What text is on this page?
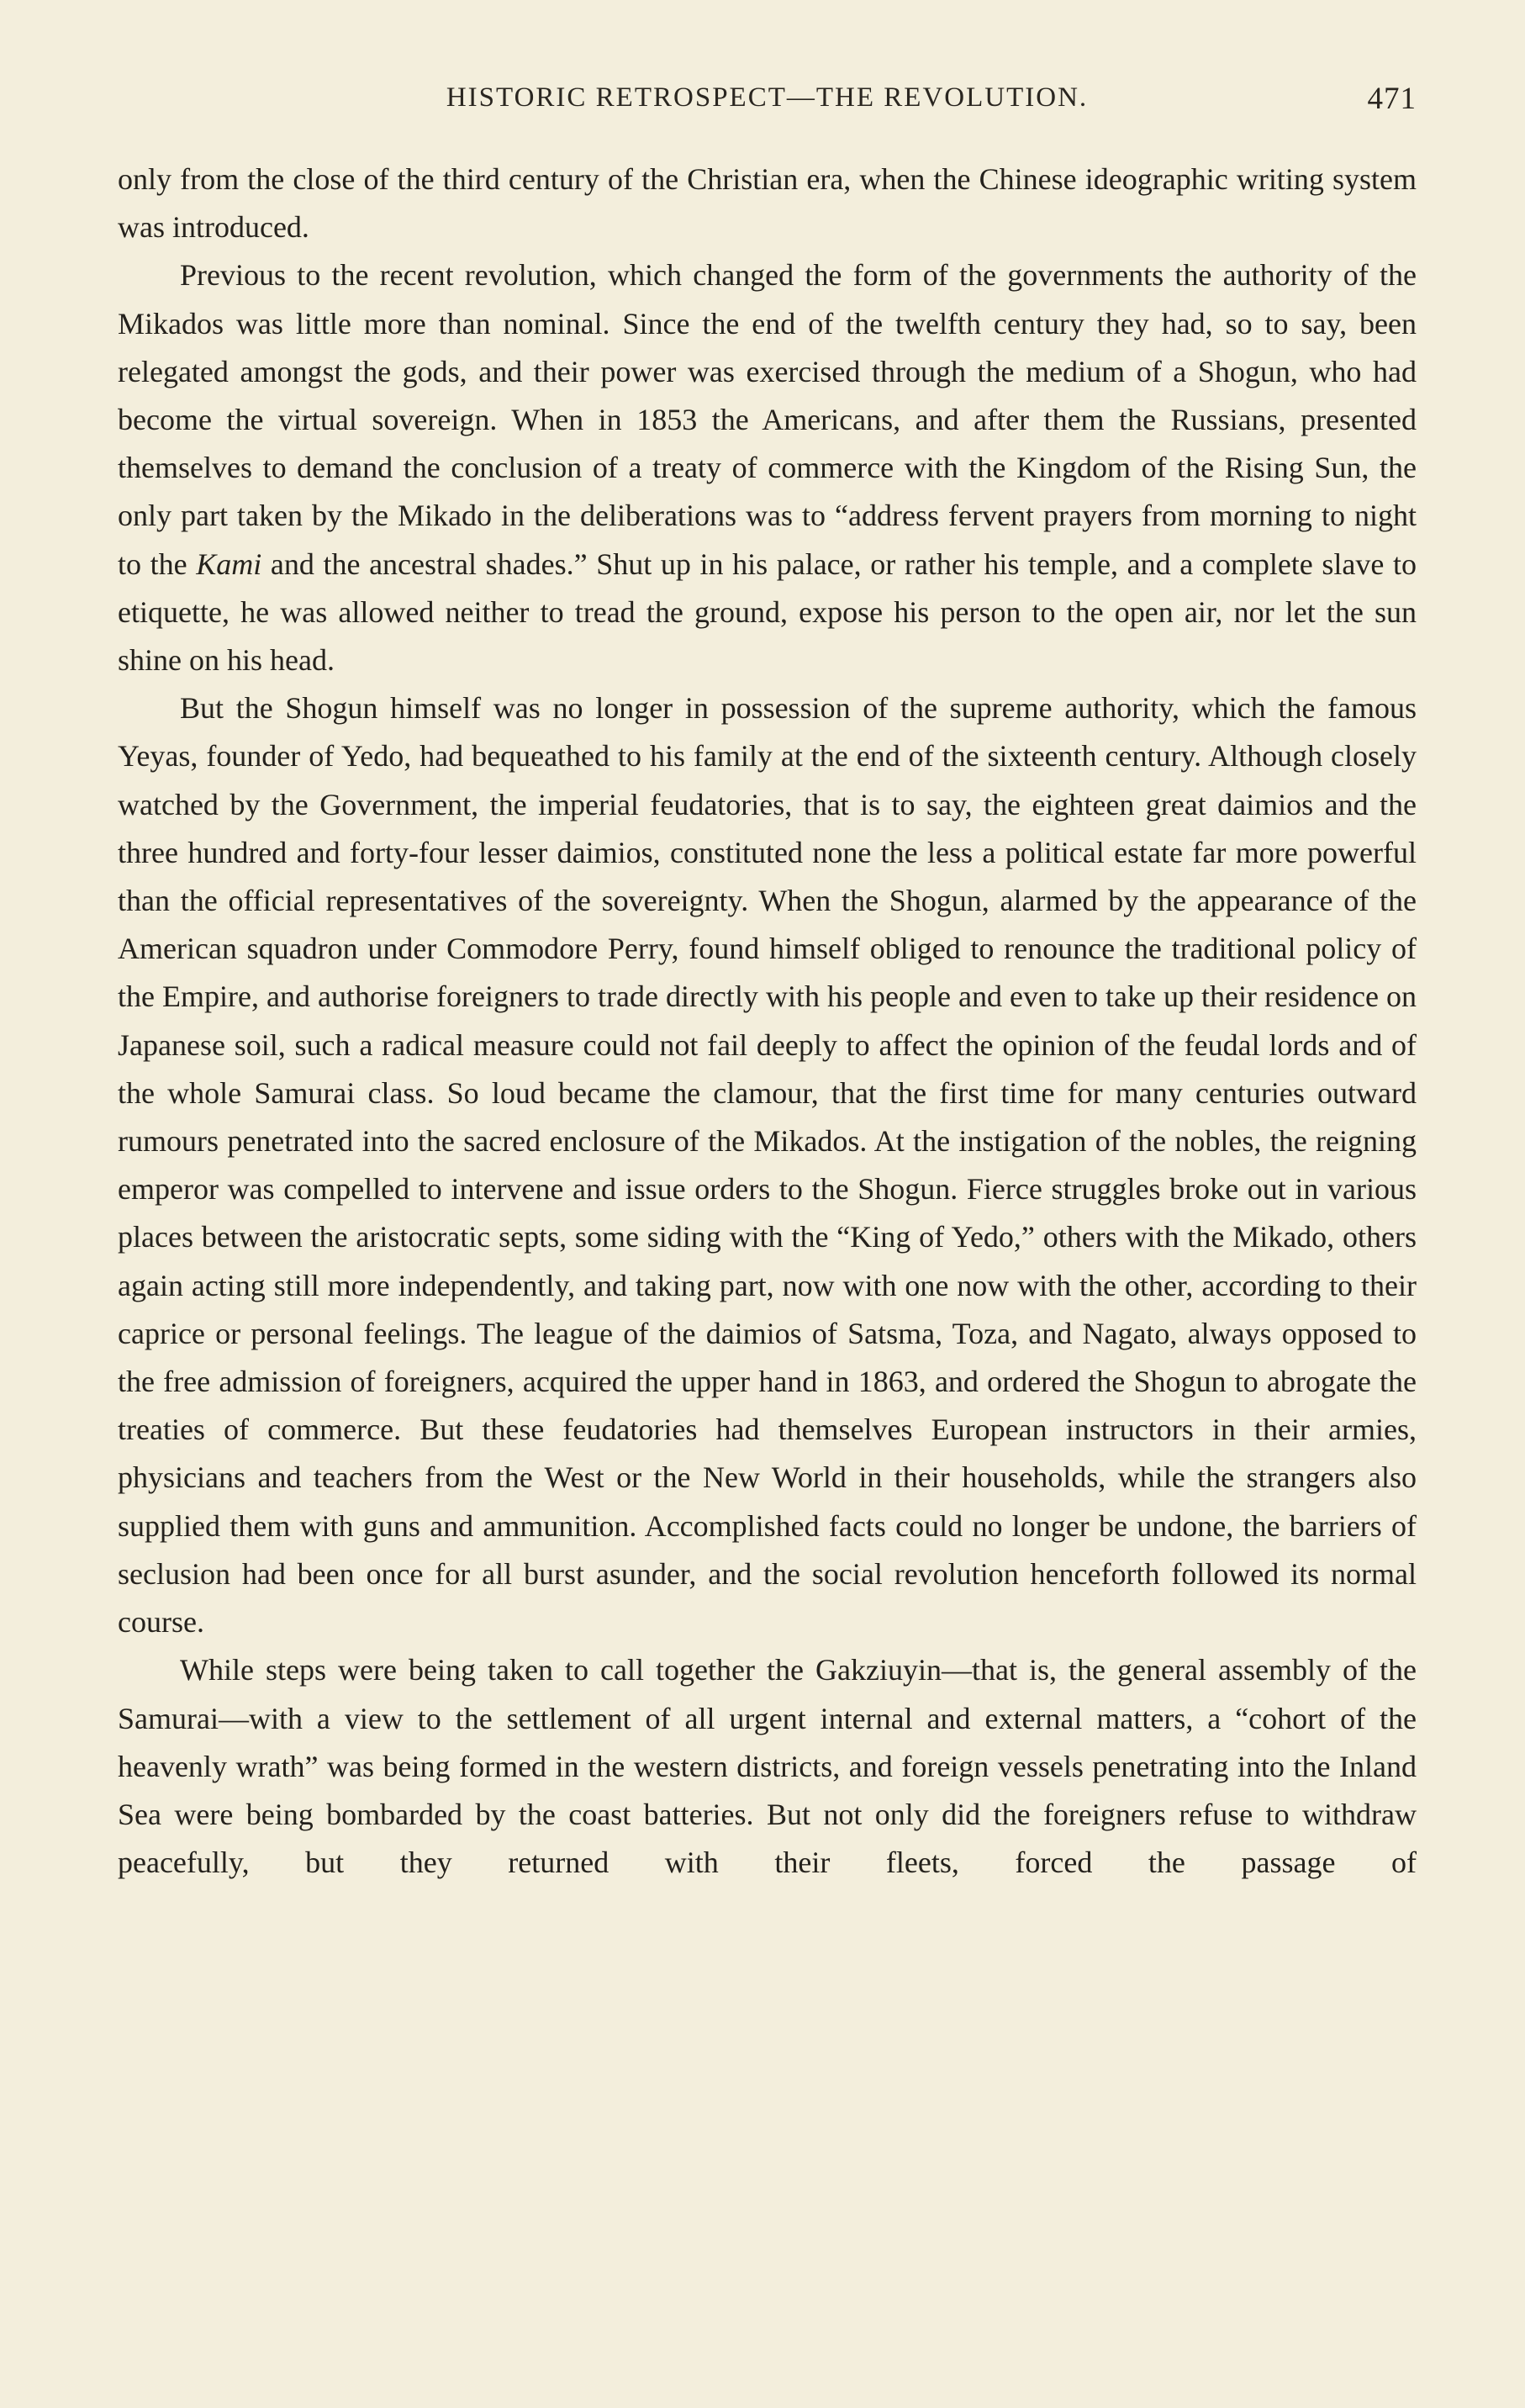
HISTORIC RETROSPECT—THE REVOLUTION.	471

only from the close of the third century of the Christian era, when the Chinese ideographic writing system was introduced.

Previous to the recent revolution, which changed the form of the governments the authority of the Mikados was little more than nominal. Since the end of the twelfth century they had, so to say, been relegated amongst the gods, and their power was exercised through the medium of a Shogun, who had become the virtual sovereign. When in 1853 the Americans, and after them the Russians, presented themselves to demand the conclusion of a treaty of commerce with the Kingdom of the Rising Sun, the only part taken by the Mikado in the deliberations was to “address fervent prayers from morning to night to the Kami and the ancestral shades.” Shut up in his palace, or rather his temple, and a complete slave to etiquette, he was allowed neither to tread the ground, expose his person to the open air, nor let the sun shine on his head.

But the Shogun himself was no longer in possession of the supreme authority, which the famous Yeyas, founder of Yedo, had bequeathed to his family at the end of the sixteenth century. Although closely watched by the Government, the imperial feudatories, that is to say, the eighteen great daimios and the three hundred and forty-four lesser daimios, constituted none the less a political estate far more powerful than the official representatives of the sovereignty. When the Shogun, alarmed by the appearance of the American squadron under Commodore Perry, found himself obliged to renounce the traditional policy of the Empire, and authorise foreigners to trade directly with his people and even to take up their residence on Japanese soil, such a radical measure could not fail deeply to affect the opinion of the feudal lords and of the whole Samurai class. So loud became the clamour, that the first time for many centuries outward rumours penetrated into the sacred enclosure of the Mikados. At the instigation of the nobles, the reigning emperor was compelled to intervene and issue orders to the Shogun. Fierce struggles broke out in various places between the aristocratic septs, some siding with the “King of Yedo,” others with the Mikado, others again acting still more independently, and taking part, now with one now with the other, according to their caprice or personal feelings. The league of the daimios of Satsma, Toza, and Nagato, always opposed to the free admission of foreigners, acquired the upper hand in 1863, and ordered the Shogun to abrogate the treaties of commerce. But these feudatories had themselves European instructors in their armies, physicians and teachers from the West or the New World in their households, while the strangers also supplied them with guns and ammunition. Accomplished facts could no longer be undone, the barriers of seclusion had been once for all burst asunder, and the social revolution henceforth followed its normal course.

While steps were being taken to call together the Gakziuyin—that is, the general assembly of the Samurai—with a view to the settlement of all urgent internal and external matters, a “cohort of the heavenly wrath” was being formed in the western districts, and foreign vessels penetrating into the Inland Sea were being bombarded by the coast batteries. But not only did the foreigners refuse to withdraw peacefully, but they returned with their fleets, forced the passage of
